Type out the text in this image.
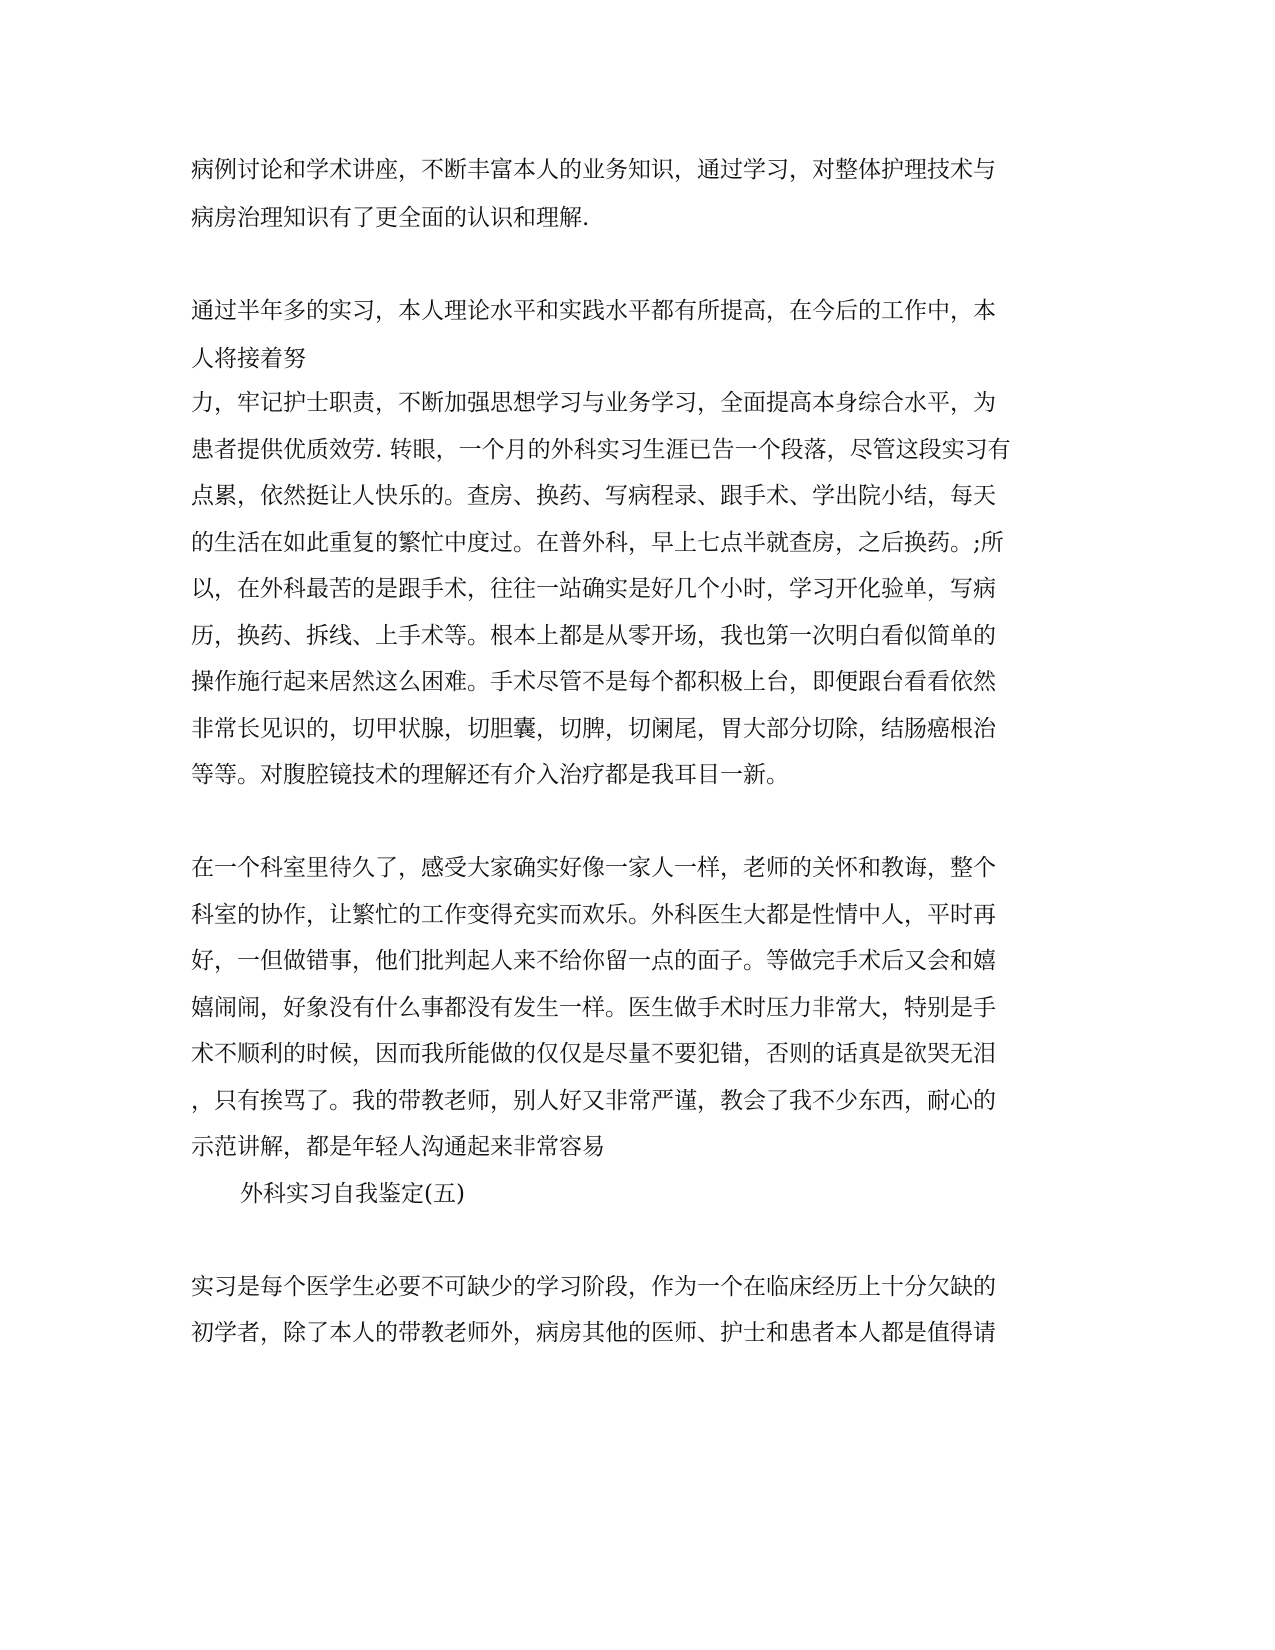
病例讨论和学术讲座，不断丰富本人的业务知识，通过学习，对整体护理技术与

病房治理知识有了更全面的认识和理解.

通过半年多的实习，本人理论水平和实践水平都有所提高，在今后的工作中，本

人将接着努

力，牢记护士职责，不断加强思想学习与业务学习，全面提高本身综合水平，为

患者提供优质效劳. 转眼，一个月的外科实习生涯已告一个段落，尽管这段实习有

点累，依然挺让人快乐的。查房、换药、写病程录、跟手术、学出院小结，每天

的生活在如此重复的繁忙中度过。在普外科，早上七点半就查房，之后换药。;所

以，在外科最苦的是跟手术，往往一站确实是好几个小时，学习开化验单，写病

历，换药、拆线、上手术等。根本上都是从零开场，我也第一次明白看似简单的

操作施行起来居然这么困难。手术尽管不是每个都积极上台，即便跟台看看依然

非常长见识的，切甲状腺，切胆囊，切脾，切阑尾，胃大部分切除，结肠癌根治

等等。对腹腔镜技术的理解还有介入治疗都是我耳目一新。

在一个科室里待久了，感受大家确实好像一家人一样，老师的关怀和教诲，整个

科室的协作，让繁忙的工作变得充实而欢乐。外科医生大都是性情中人，平时再

好，一但做错事，他们批判起人来不给你留一点的面子。等做完手术后又会和嬉

嬉闹闹，好象没有什么事都没有发生一样。医生做手术时压力非常大，特别是手

术不顺利的时候，因而我所能做的仅仅是尽量不要犯错，否则的话真是欲哭无泪

，只有挨骂了。我的带教老师，别人好又非常严谨，教会了我不少东西，耐心的

示范讲解，都是年轻人沟通起来非常容易

外科实习自我鉴定(五)

实习是每个医学生必要不可缺少的学习阶段，作为一个在临床经历上十分欠缺的

初学者，除了本人的带教老师外，病房其他的医师、护士和患者本人都是值得请
